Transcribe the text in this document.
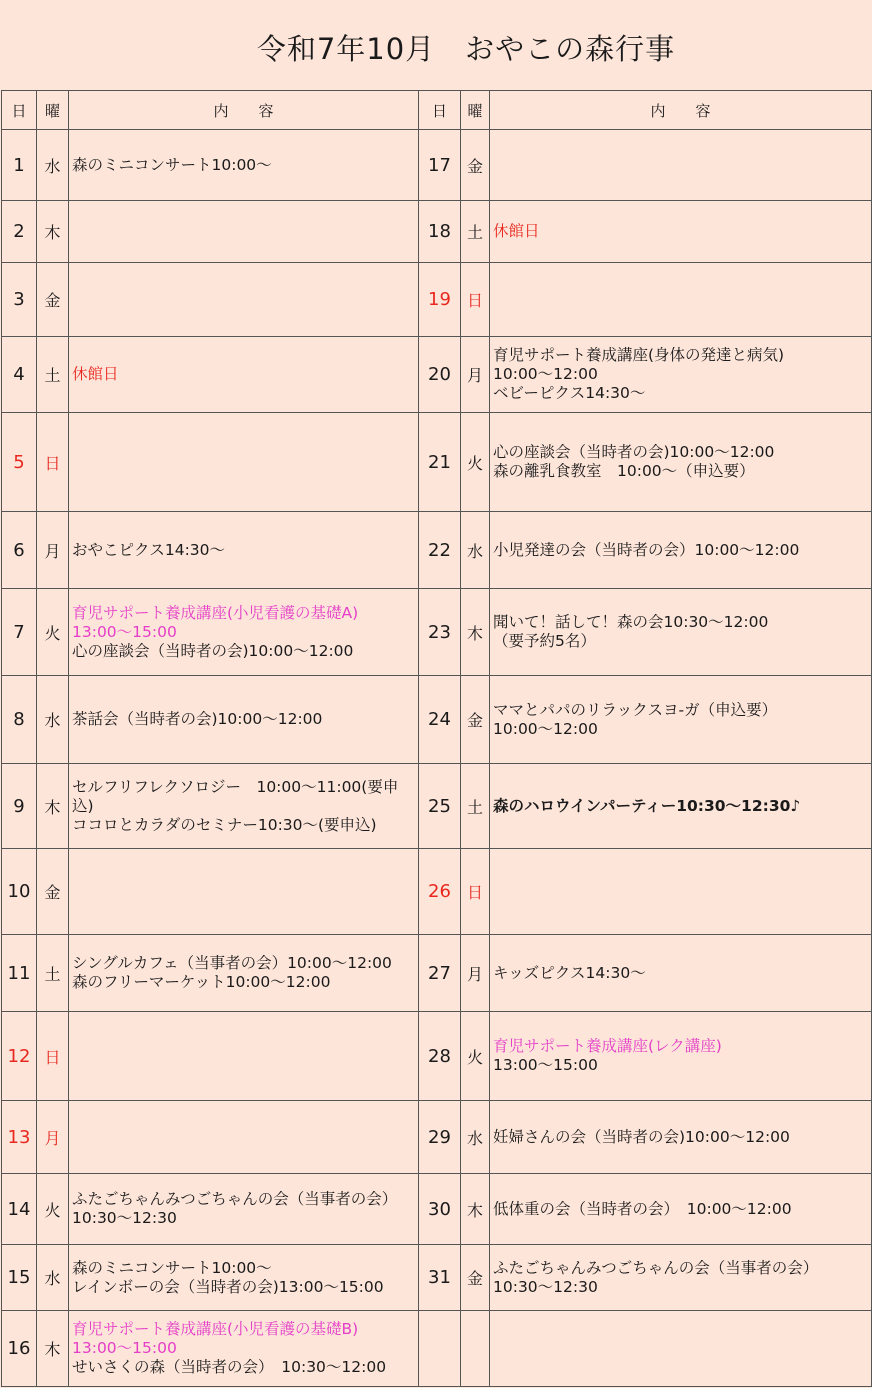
令和7年10月　おやこの森行事
日	曜	内　　容	日	曜	内　　容
1	水	森のミニコンサート10:00～	17	金	
2	木		18	土	休館日

3	金		19	日	
4	土	休館日	20	月	育児サポート養成講座(身体の発達と病気)
10:00～12:00
ベビーピクス14:30～

5	日		21	火	心の座談会（当時者の会)10:00～12:00
森の離乳食教室　10:00～（申込要）

6	月	おやこピクス14:30～	22	水	小児発達の会（当時者の会）10:00～12:00

7	火	育児サポート養成講座(小児看護の基礎A)
13:00～15:00
心の座談会（当時者の会)10:00～12:00	23	木	聞いて！話して！森の会10:30～12:00
（要予約5名）

8	水	茶話会（当時者の会)10:00～12:00	24	金	ママとパパのリラックスヨ-ガ（申込要）
10:00～12:00

9	木	セルフリフレクソロジー　10:00～11:00(要申込)
ココロとカラダのセミナー10:30～(要申込)	25	土	森のハロウインパーティー10:30～12:30♪

10	金		26	日	
11	土	シングルカフェ（当事者の会）10:00～12:00
森のフリーマーケット10:00～12:00	27	月	キッズピクス14:30～

12	日		28	火	育児サポート養成講座(レク講座)
13:00～15:00

13	月		29	水	妊婦さんの会（当時者の会)10:00～12:00

14	火	ふたごちゃんみつごちゃんの会（当事者の会）
10:30～12:30	30	木	低体重の会（当時者の会）　10:00～12:00

15	水	森のミニコンサート10:00～
レインボーの会（当時者の会)13:00～15:00	31	金	ふたごちゃんみつごちゃんの会（当事者の会）
10:30～12:30

16	木	育児サポート養成講座(小児看護の基礎B)
13:00～15:00
せいさくの森（当時者の会）　10:30～12:00			
